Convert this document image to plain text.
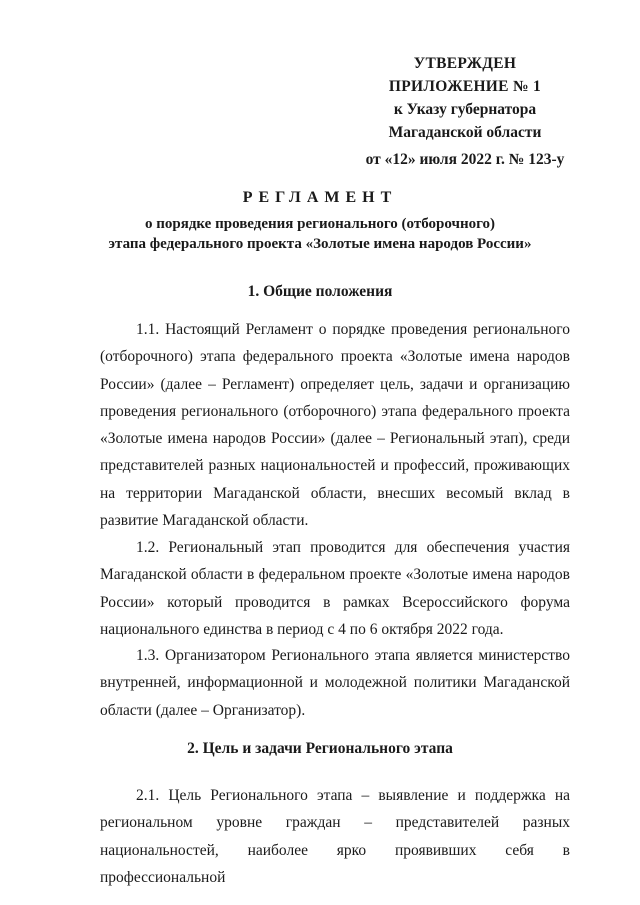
УТВЕРЖДЕН
ПРИЛОЖЕНИЕ № 1
к Указу губернатора
Магаданской области
от «12» июля 2022 г. № 123-у
РЕГЛАМЕНТ
о порядке проведения регионального (отборочного)
этапа федерального проекта «Золотые имена народов России»
1. Общие положения

1.1. Настоящий Регламент о порядке проведения регионального (отборочного) этапа федерального проекта «Золотые имена народов России» (далее – Регламент) определяет цель, задачи и организацию проведения регионального (отборочного) этапа федерального проекта «Золотые имена народов России» (далее – Региональный этап), среди представителей разных национальностей и профессий, проживающих на территории Магаданской области, внесших весомый вклад в развитие Магаданской области.

1.2. Региональный этап проводится для обеспечения участия Магаданской области в федеральном проекте «Золотые имена народов России» который проводится в рамках Всероссийского форума национального единства в период с 4 по 6 октября 2022 года.

1.3. Организатором Регионального этапа является министерство внутренней, информационной и молодежной политики Магаданской области (далее – Организатор).

2. Цель и задачи Регионального этапа

2.1. Цель Регионального этапа – выявление и поддержка на региональном уровне граждан – представителей разных национальностей, наиболее ярко проявивших себя в профессиональной
